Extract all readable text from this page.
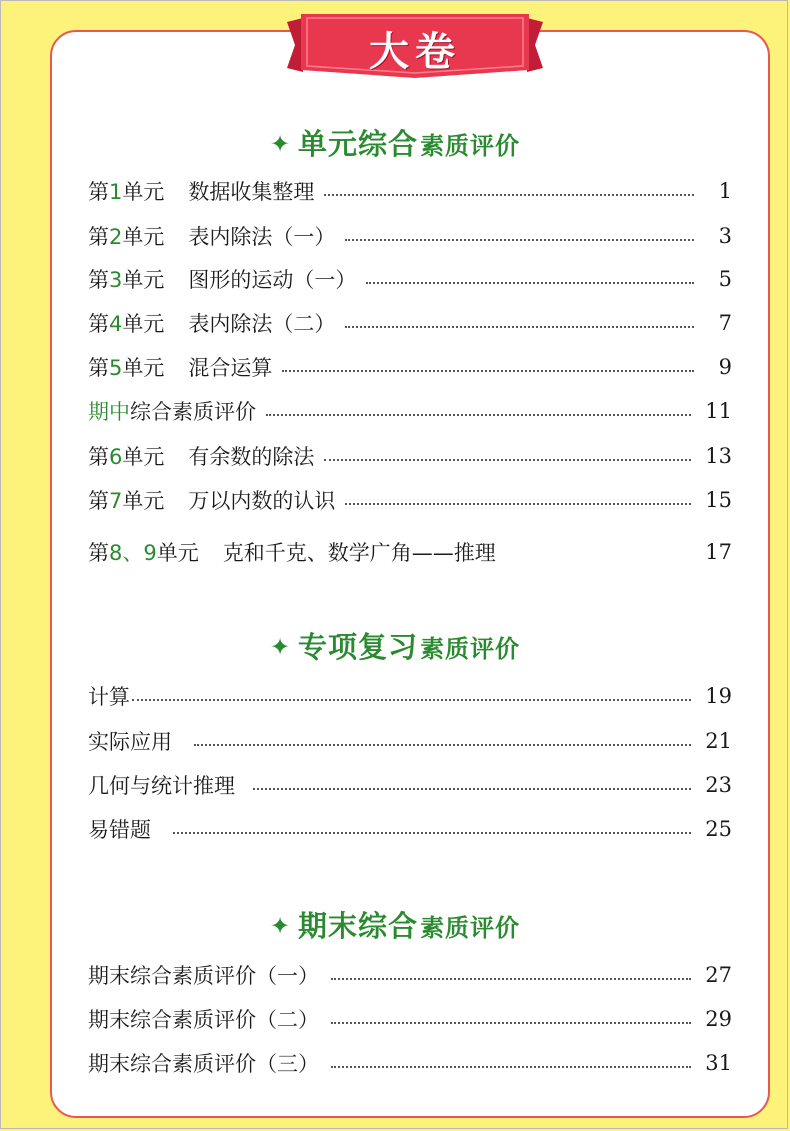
大卷
✦ 单元综合素质评价
第1单元 数据收集整理	1
第2单元 表内除法（一）	3
第3单元 图形的运动（一）	5
第4单元 表内除法（二）	7
第5单元 混合运算	9
期中综合素质评价	11
第6单元 有余数的除法	13
第7单元 万以内数的认识	15
第8、9单元 克和千克、数学广角——推理	17
✦ 专项复习素质评价
计算	19
实际应用	21
几何与统计推理	23
易错题	25
✦ 期末综合素质评价
期末综合素质评价（一）	27
期末综合素质评价（二）	29
期末综合素质评价（三）	31
